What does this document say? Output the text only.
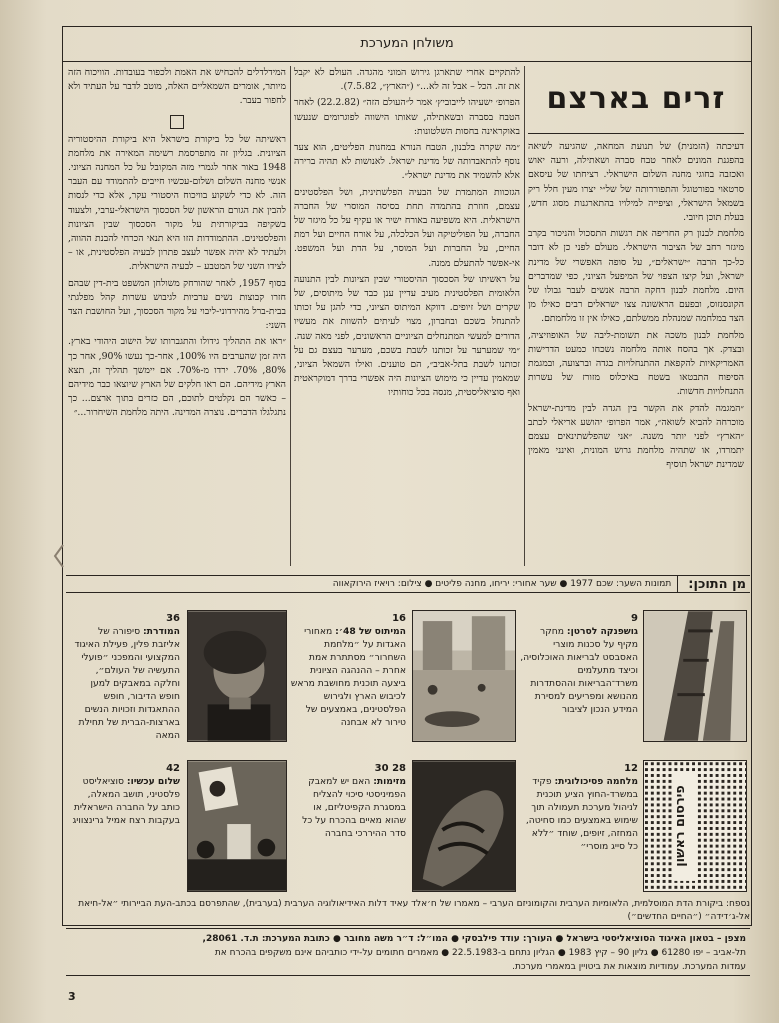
משולחן המערכת
זרים בארצם

דעיכתה (הזמנית) של תנועת המחאה, שהגיעה לשיאה בהפגנת המונים לאחר טבח סברה ושאתילה, ורעה יאוש ואכזבה בחוגי מחנה השלום הישראלי. רציחתו של עיסאם סרטאוי בפורטוגל והתפוררותה של של״י יצרו מעין חלל ריק בשמאל הישראלי, וציפייה למילויו בהתארגנות מסוג חדש, בעלת תוכן חיובי.

מלחמת לבנון רק החריפה את רגשות התסכול והניכור בקרב מיגזר רחב של הציבור הישראלי. מעולם לפני כן לא דובר כל-כך הרבה ״ישראלים״, על סופה האפשרי של מדינת ישראל, ועל קיצו הצפוי של המיפעל הציוני, כפי שמדברים היום. מלחמת לבנון דחקה הרבה אנשים לעבר גבולו של הקונסנזוס, ובפעם הראשונה צצו ישראלים רבים כאילו מן הצד במלחמה שמנהלת ממשלתם, כאילו אין זו מלחמתם.

מלחמת לבנון משכה את תשומת-ליבה של האופוזיציה, ובצדק. אך בהסח אותה מלחמה נשכחו כמעט הדרישות האמריקאיות להקפאת ההתנחלויות בגדה וברצועה, ובמגמת הסיפוח התבטאו בשטח באיכלוס מזורז של עשרות התנחלויות חדשות.

״המגמה להדק את הקשר בין הגדה לבין מדינת-ישראל מוכרחה להביא לשואה״, אמר הפרופ׳ יהושע אריאלי לכתב ״הארץ״ לפני יותר משנה. ״אני שהפלשתינאים עצמם יתמרדו, או שתהיה מלחמת גרוש המונית, ואינני מאמין שמדינת ישראל תוסיף

להתקיים אחרי שתארגן גירוש המוני מהגדה. העולם לא יקבל את זה. הכל – אבל זה לא...״ (״הארץ״, 7.5.82).

הפרופ׳ ישעיהו לייבוביץ׳ אמר ל״העולם הזה״ (22.2.82) לאחר הטבח בסברה ובשאתילה, שאותו הישווה לפוגרומים שנעשו באוקראינה בחסות השלטונות:

״מה שקרה בלבנון, הטבח הנורא במחנות הפליטים, הוא צעד נוסף להתאבדותה של מדינת ישראל. לאנושות לא תהיה ברירה אלא להשמיד את מדינת ישראל״.

הגזכוות המתמדת של הבעיה הפלשתינית, ושל הפלסטינים עצמם, חוזרת בהתמדה תחת בסיסה המוסרי של החברה הישראלית. היא משפיעה באורח ישיר או עקיף על כל מיגזר של החברה, על הפוליטיקה ועל הכלכלה, על אורח החיים ועל רמת החיים, על החברות ועל המוסר, על הדת ועל המשפט. אי-אפשר להתעלם ממנה.

על ראשיתו של הסכסוך ההיסטורי שבין הציונות לבין התנועה הלאומית הפלסטינית מעיב עדיין ענן כבד של מיתוסים, של שקרים ושל זיופים. דווקא המיתוס הציוני, כדי להגן על זכותו להתנחל בשכם ובחברון, מצוי לעיתים להשוות את מעשיו הדורים למעשי המתנחלים הציוניים הראשונים, לפני מאה שנה. ״מי שמערער על זכותנו לשבת בשכם, מערער בעצם גם על זכותנו לשבת בתל-אביב״, הם טוענים. ואילו השמאל הציוני, שמאמין עדיין כי מימוש הציונות היה אפשרי בדרך דמוקראטית ואף סוציאליסטית, מנסה בכל כוחותיו

המידלדלים להכחיש את האמת ולכפור בעובדות. הוויכוח הזה מיותר, אומרים השמאליים האלה, מוטב לדבר על העתיד ולא לחפור בעבר.

ראשיתה של כל ביקורת בישראל היא ביקורת ההיסטוריה הציונית. בגליון זה מתפרסמת רשימה המאירה את מלחמת 1948 באור אחר לגמרי מזה המקובל על כל המחנה הציוני. אנשי מחנה השלום ושלום-עכשיו חייבים להתמודד עם העבר הזה. לא כדי לשקוע בוויכוח היסטורי עקר, אלא כדי לנסות להבין את הגורם הראשון של הסכסוך הישראלי-ערבי, ולצעוד בשקיפה בביקורתית על מקור הסכסוך שבין הציונות והפלסטינים. ההתמודדות הזו היא תנאי הכרחי להבנת ההווה, ולעתיד לא יהיה אפשר לעצב פתרון לבעיה הפלסטינית, או – לצידו השני של המטבע – לבעיה הישראלית.

בסוף 1957, לאחר שהורחק משולחן המשפט בית-דין שבהם חזרו קבוצות נשים ערביות לגיבוש עשרות קהל מפלגתי בבית-ברל מהירדוני-ליבוי על מקור הסכסוך, ועל החושבת הצד השני:

״ראו את התהליך גידולו והתגברותו של הישוב היהודי בארץ. היה זמן שהערבים היו 100%, אחר-כך נעשו 90%, אחר כך 80%, 70%. ירדו מ-70%. אם יימשך תהליך זה, תצא הארץ מידיהם. הם ראו חלקים של הארץ שיוצאו כבר מידיהם – כאשר הם נקלטים לתוכם, הם כזרים בתוך ארצם... כך נתגלגלו הדברים. נוצרה המדינה. היתה מלחמת השיחרור...״

מן התוכן:
תמונות השער: שכם 1977 ● שער אחורי: יריחו, מחנה פליטים ● צילום: רויאיז הירוקאווה
16
המיתוס של 48׳: מאחורי האגדות על ״מלחמת השחרור״ מסתתרת אמת אחרת – ההנהגה הציונית ביצעה תוכנית מחושבת מראש לכיבוש הארץ ולגירוש הפלסטינים, באמצעים של טירור לא אבחנה
9
גושפנקה לסרטן: מחקר מקיף על סכנות מוצרי האסבסט לבריאות האוכלוסיה, וכיצד מתעלמים משרד־הבריאות וההסתדרות מהנושא ומפריעים למסירת המידע הנכון לציבור
פירסום ראשון
12
מלחמה פסיכולוגית: פקיד במשרד-החוץ הציע תוכנית לניהול מערכת תעמולה תוך שימוש באמצעים כמו סחיטה, המחזה, זיופים, שוחד ״ללא כל סייג מוסרי״
28 30
מזימות: האם יש למאבק הפמיניסטי סיכוי להצליח במסגרת הקפיטליזם, או שהוא מאיים בהכרח על כל סדר ההיררכי בחברה
42
שלום עכשיו: סוציאליסט פלסטיני, תושב המאלה, כותב על החברה הישראלית בעקבות רצח אמיל גרינצוויג
36
המודרת: סיפורה של אליזבת פלין, פעילת האיגוד המקצועי והמפכני ״פועלי התעשיה של העולם״, וחלקה במאבקים למען חופש הדיבור, חופש ההתאגדות וזכויות הנשים בארצות-הברית של תחילת המאה
נספח: ביקורת הדת המוסלמית, הלאומיות הערבית והקומוניזם הערבי – מאמרו של ח׳אלד עאיד דלות האידיאולוגיה הערבית (בערבית), שהתפרסם בכתב-העת הביירותי ״אל-חיאת אל-ג׳דידה״ (״החיים החדשים״)
מצפן – בטאון האיגוד הסוציאליסטי בישראל ● העורך: עודד פילבסקי ● המו״ל: ד״ר משה מחובר ● כתובת המערכת: ת.ד. 28061,
תל-אביב – יפו 61280 ● גליון 90 – קיץ 1983 ● הגליון נתחם ב-22.5.1983 ● מאמרים חתומים על-ידי כותביהם אינם משקפים בהכרח את
עמדות המערכת. עמודיות מוצאות את ביטויין במאמרי מערכת.
3
